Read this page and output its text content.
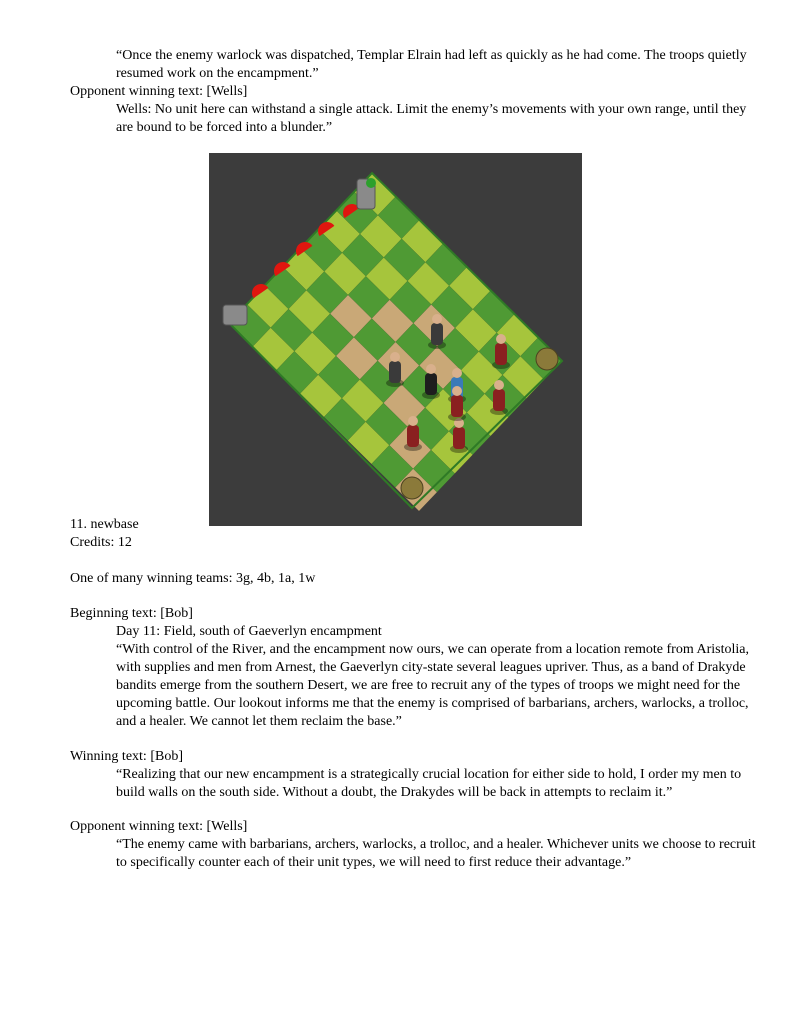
“Once the enemy warlock was dispatched, Templar Elrain had left as quickly as he had come. The troops quietly resumed work on the encampment.”

Opponent winning text: [Wells]

Wells: No unit here can withstand a single attack. Limit the enemy’s movements with your own range, until they are bound to be forced into a blunder.”

11. newbase

Credits: 12

One of many winning teams: 3g, 4b, 1a, 1w

Beginning text: [Bob]

Day 11: Field, south of Gaeverlyn encampment

“With control of the River, and the encampment now ours, we can operate from a location remote from Aristolia, with supplies and men from Arnest, the Gaeverlyn city-state several leagues upriver. Thus, as a band of Drakyde bandits emerge from the southern Desert, we are free to recruit any of the types of troops we might need for the upcoming battle. Our lookout informs me that the enemy is comprised of barbarians, archers, warlocks, a trolloc, and a healer. We cannot let them reclaim the base.”

Winning text: [Bob]

“Realizing that our new encampment is a strategically crucial location for either side to hold, I order my men to build walls on the south side. Without a doubt, the Drakydes will be back in attempts to reclaim it.”

Opponent winning text: [Wells]

“The enemy came with barbarians, archers, warlocks, a trolloc, and a healer. Whichever units we choose to recruit to specifically counter each of their unit types, we will need to first reduce their advantage.”
